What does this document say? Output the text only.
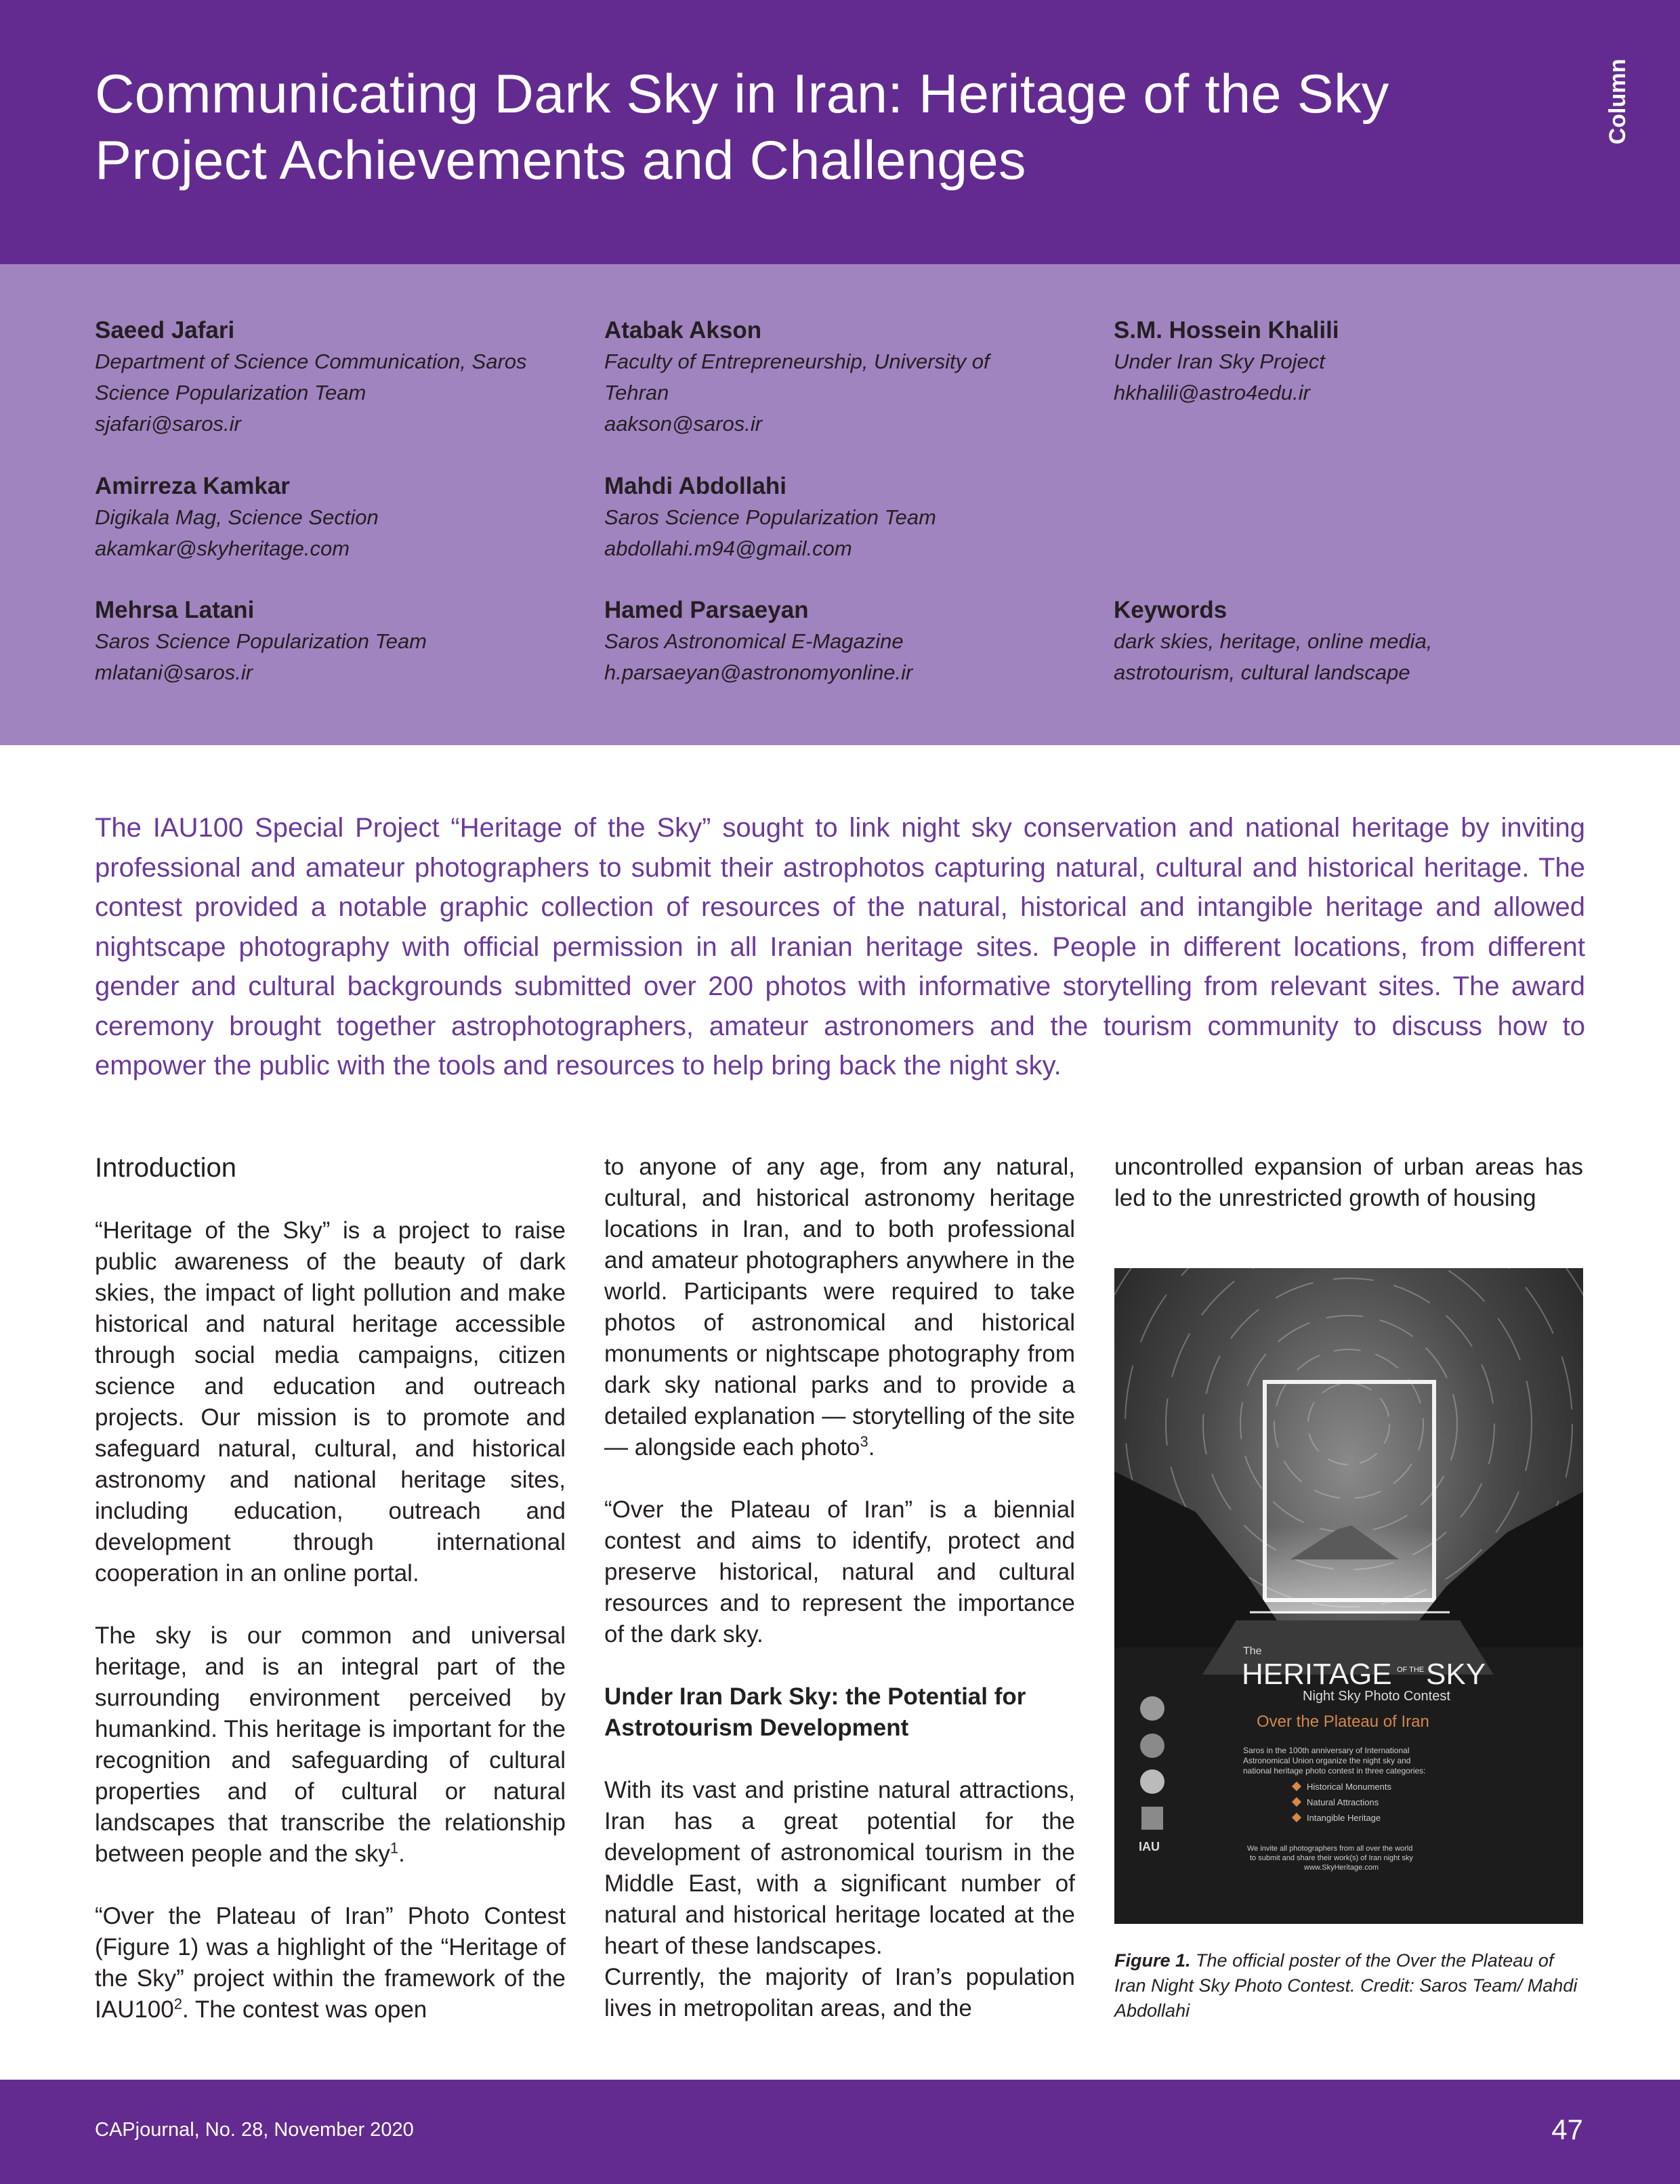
Communicating Dark Sky in Iran: Heritage of the Sky
Project Achievements and Challenges
Column
Saeed Jafari
Department of Science Communication, Saros
Science Popularization Team
sjafari@saros.ir
Atabak Akson
Faculty of Entrepreneurship, University of
Tehran
aakson@saros.ir
S.M. Hossein Khalili
Under Iran Sky Project
hkhalili@astro4edu.ir
Amirreza Kamkar
Digikala Mag, Science Section
akamkar@skyheritage.com
Mahdi Abdollahi
Saros Science Popularization Team
abdollahi.m94@gmail.com
Mehrsa Latani
Saros Science Popularization Team
mlatani@saros.ir
Hamed Parsaeyan
Saros Astronomical E-Magazine
h.parsaeyan@astronomyonline.ir
Keywords
dark skies, heritage, online media,
astrotourism, cultural landscape

The IAU100 Special Project “Heritage of the Sky” sought to link night sky conservation and national heritage by inviting professional and amateur photographers to submit their astrophotos capturing natural, cultural and historical heritage. The contest provided a notable graphic collection of resources of the natural, historical and intangible heritage and allowed nightscape photography with official permission in all Iranian heritage sites. People in different locations, from different gender and cultural backgrounds submitted over 200 photos with informative storytelling from relevant sites. The award ceremony brought together astrophotographers, amateur astronomers and the tourism community to discuss how to empower the public with the tools and resources to help bring back the night sky.

Introduction

“Heritage of the Sky” is a project to raise public awareness of the beauty of dark skies, the impact of light pollution and make historical and natural heritage accessible through social media campaigns, citizen science and education and outreach projects. Our mission is to promote and safeguard natural, cultural, and historical astronomy and national heritage sites, including education, outreach and development through international cooperation in an online portal.

The sky is our common and universal heritage, and is an integral part of the surrounding environment perceived by humankind. This heritage is important for the recognition and safeguarding of cultural properties and of cultural or natural landscapes that transcribe the relationship between people and the sky$^1$.

“Over the Plateau of Iran” Photo Contest (Figure 1) was a highlight of the “Heritage of the Sky” project within the framework of the $IAU100^2$. The contest was open

to anyone of any age, from any natural, cultural, and historical astronomy heritage locations in Iran, and to both professional and amateur photographers anywhere in the world. Participants were required to take photos of astronomical and historical monuments or nightscape photography from dark sky national parks and to provide a detailed explanation — storytelling of the site — alongside each photo$^3$.

“Over the Plateau of Iran” is a biennial contest and aims to identify, protect and preserve historical, natural and cultural resources and to represent the importance of the dark sky.

Under Iran Dark Sky: the Potential for
Astrotourism Development

With its vast and pristine natural attractions, Iran has a great potential for the development of astronomical tourism in the Middle East, with a significant number of natural and historical heritage located at the heart of these landscapes.

Currently, the majority of Iran’s population lives in metropolitan areas, and the

uncontrolled expansion of urban areas has led to the unrestricted growth of housing

The
HERITAGE OF THE SKY
Night Sky Photo Contest
Over the Plateau of Iran
Saros in the 100th anniversary of International
Astronomical Union organize the night sky and
national heritage photo contest in three categories:
Historical Monuments
Natural Attractions
Intangible Heritage
We invite all photographers from all over the world
to submit and share their work(s) of Iran night sky
www.SkyHeritage.com
IAU
Figure 1. The official poster of the Over the Plateau of Iran Night Sky Photo Contest. Credit: Saros Team/ Mahdi Abdollahi
CAPjournal, No. 28, November 2020	47
